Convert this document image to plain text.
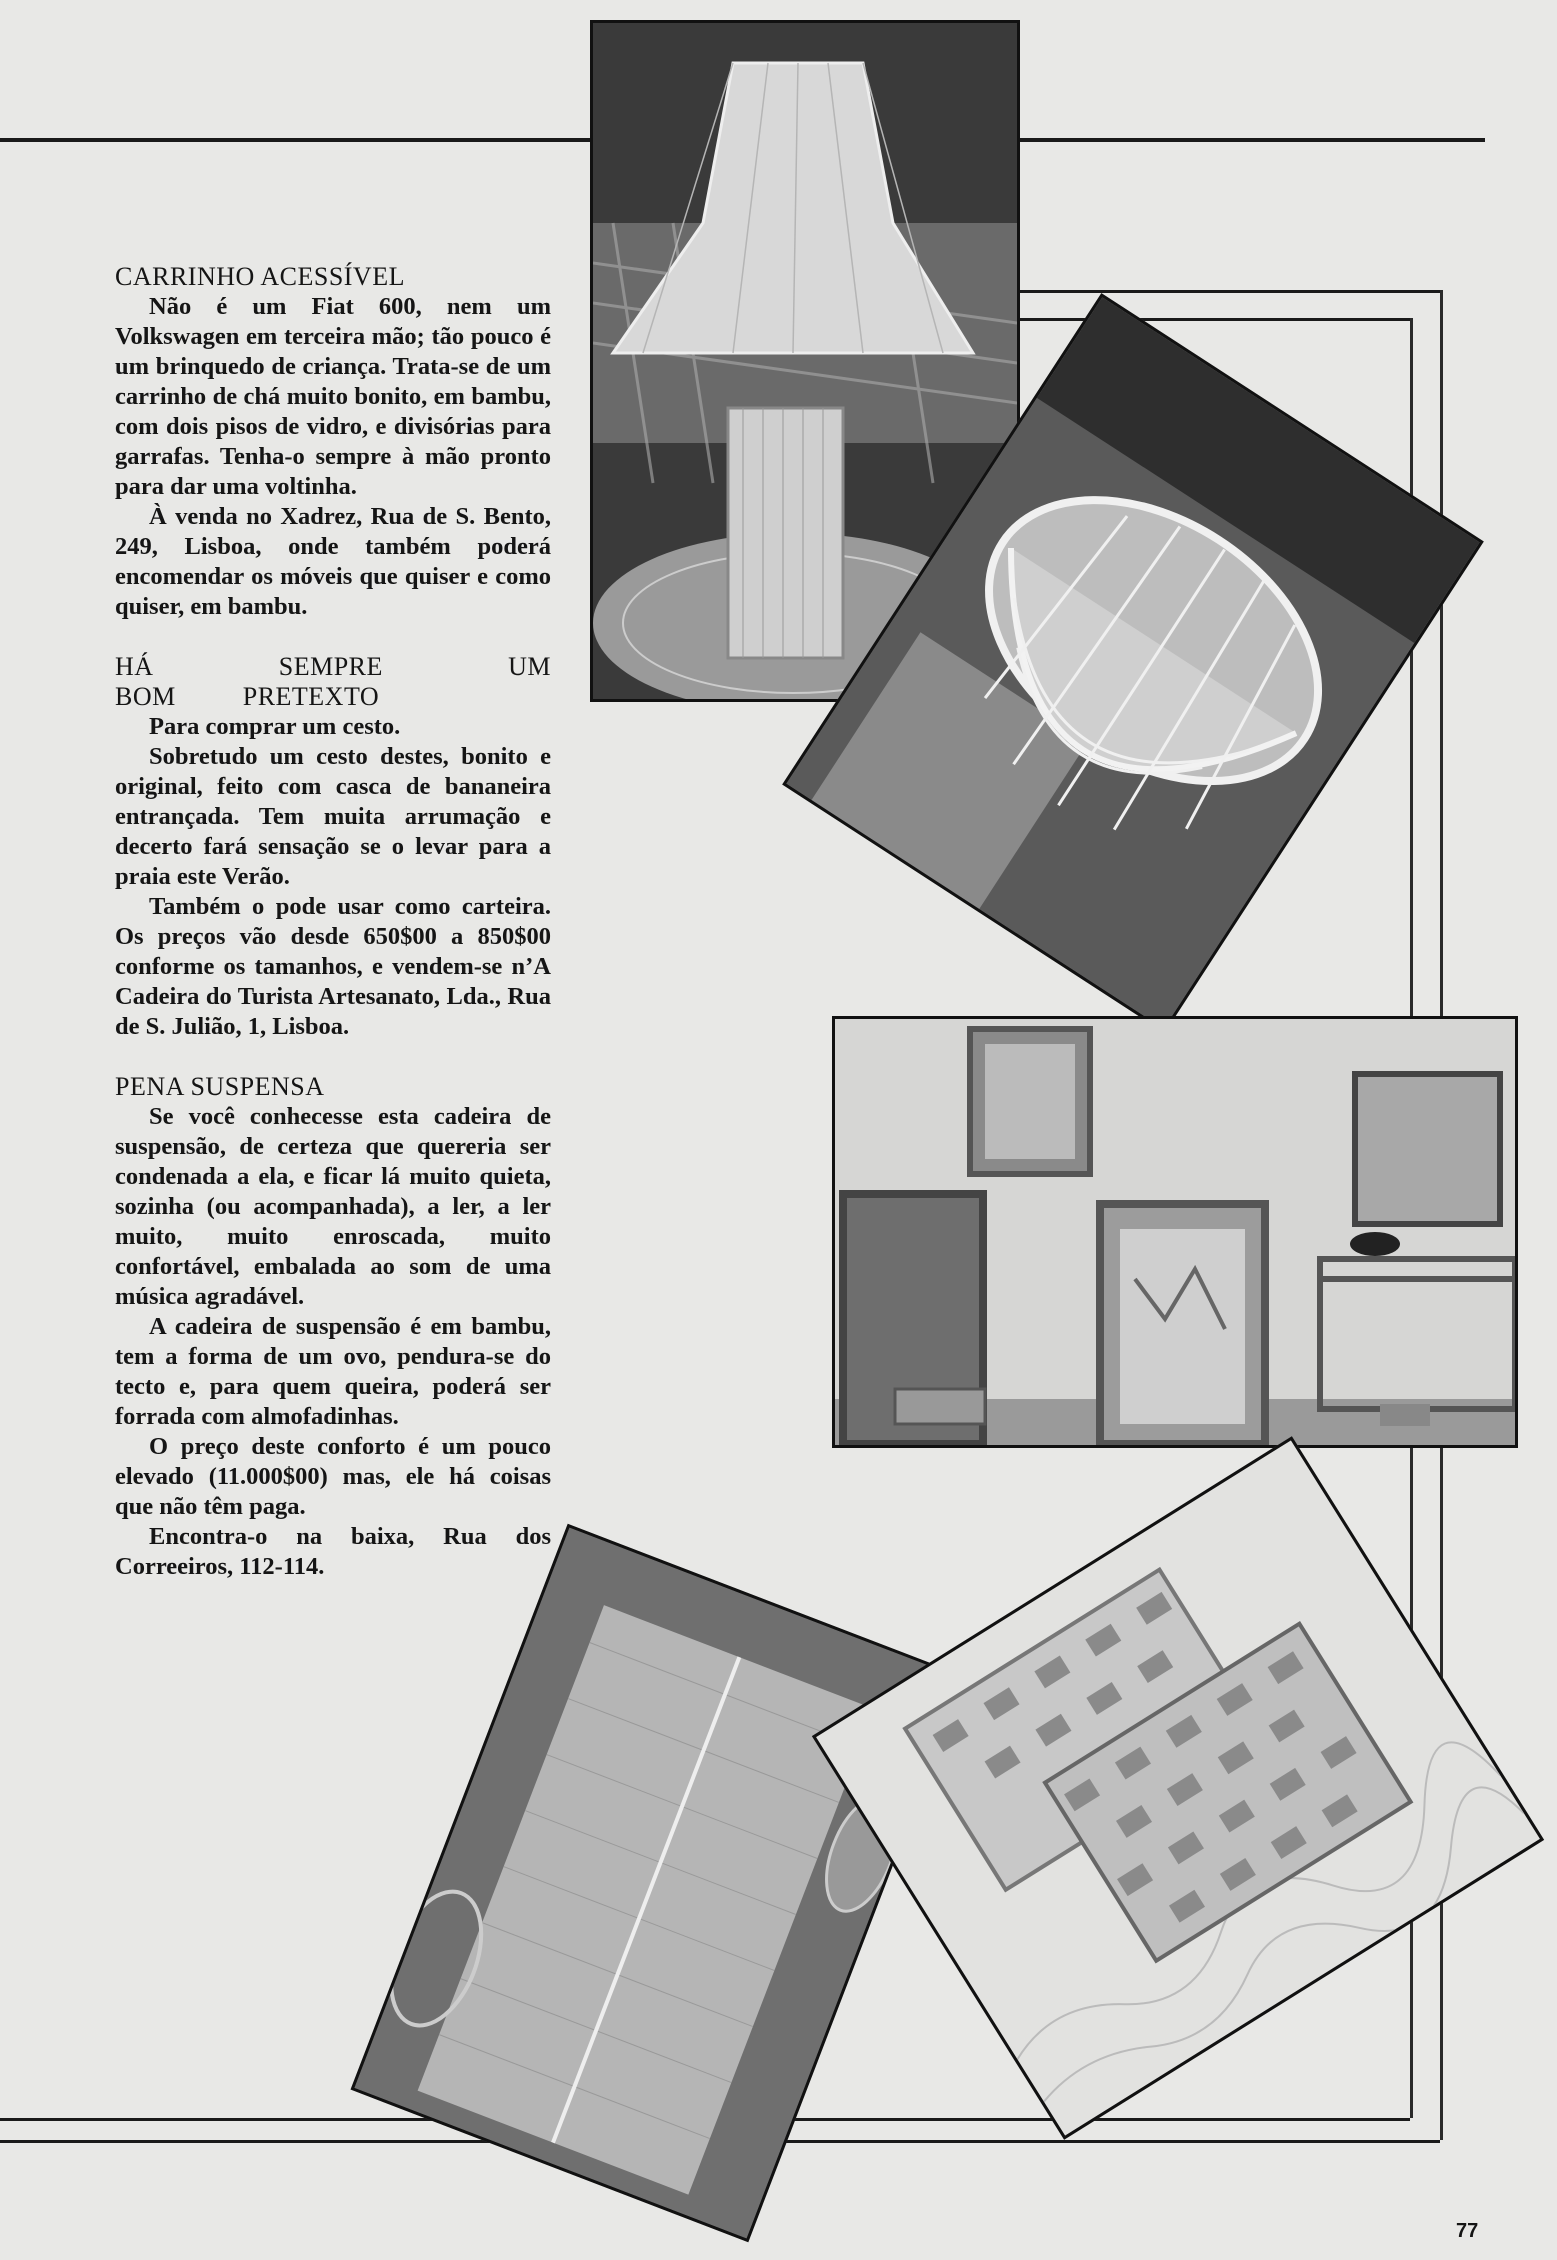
CARRINHO ACESSÍVEL

Não é um Fiat 600, nem um Volkswagen em terceira mão; tão pouco é um brinquedo de criança. Trata-se de um carrinho de chá muito bonito, em bambu, com dois pisos de vidro, e divisórias para garrafas. Tenha-o sempre à mão pronto para dar uma voltinha.

À venda no Xadrez, Rua de S. Bento, 249, Lisboa, onde também poderá encomendar os móveis que quiser e como quiser, em bambu.

HÁ SEMPRE UM BOM PRETEXTO

Para comprar um cesto.

Sobretudo um cesto destes, bonito e original, feito com casca de bananeira entrançada. Tem muita arrumação e decerto fará sensação se o levar para a praia este Verão.

Também o pode usar como carteira. Os preços vão desde 650$00 a 850$00 conforme os tamanhos, e vendem-se n’A Cadeira do Turista Artesanato, Lda., Rua de S. Julião, 1, Lisboa.

PENA SUSPENSA

Se você conhecesse esta cadeira de suspensão, de certeza que quereria ser condenada a ela, e ficar lá muito quieta, sozinha (ou acompanhada), a ler, a ler muito, muito enroscada, muito confortável, embalada ao som de uma música agradável.

A cadeira de suspensão é em bambu, tem a forma de um ovo, pendura-se do tecto e, para quem queira, poderá ser forrada com almofadinhas.

O preço deste conforto é um pouco elevado (11.000$00) mas, ele há coisas que não têm paga.

Encontra-o na baixa, Rua dos Correeiros, 112-114.

77
